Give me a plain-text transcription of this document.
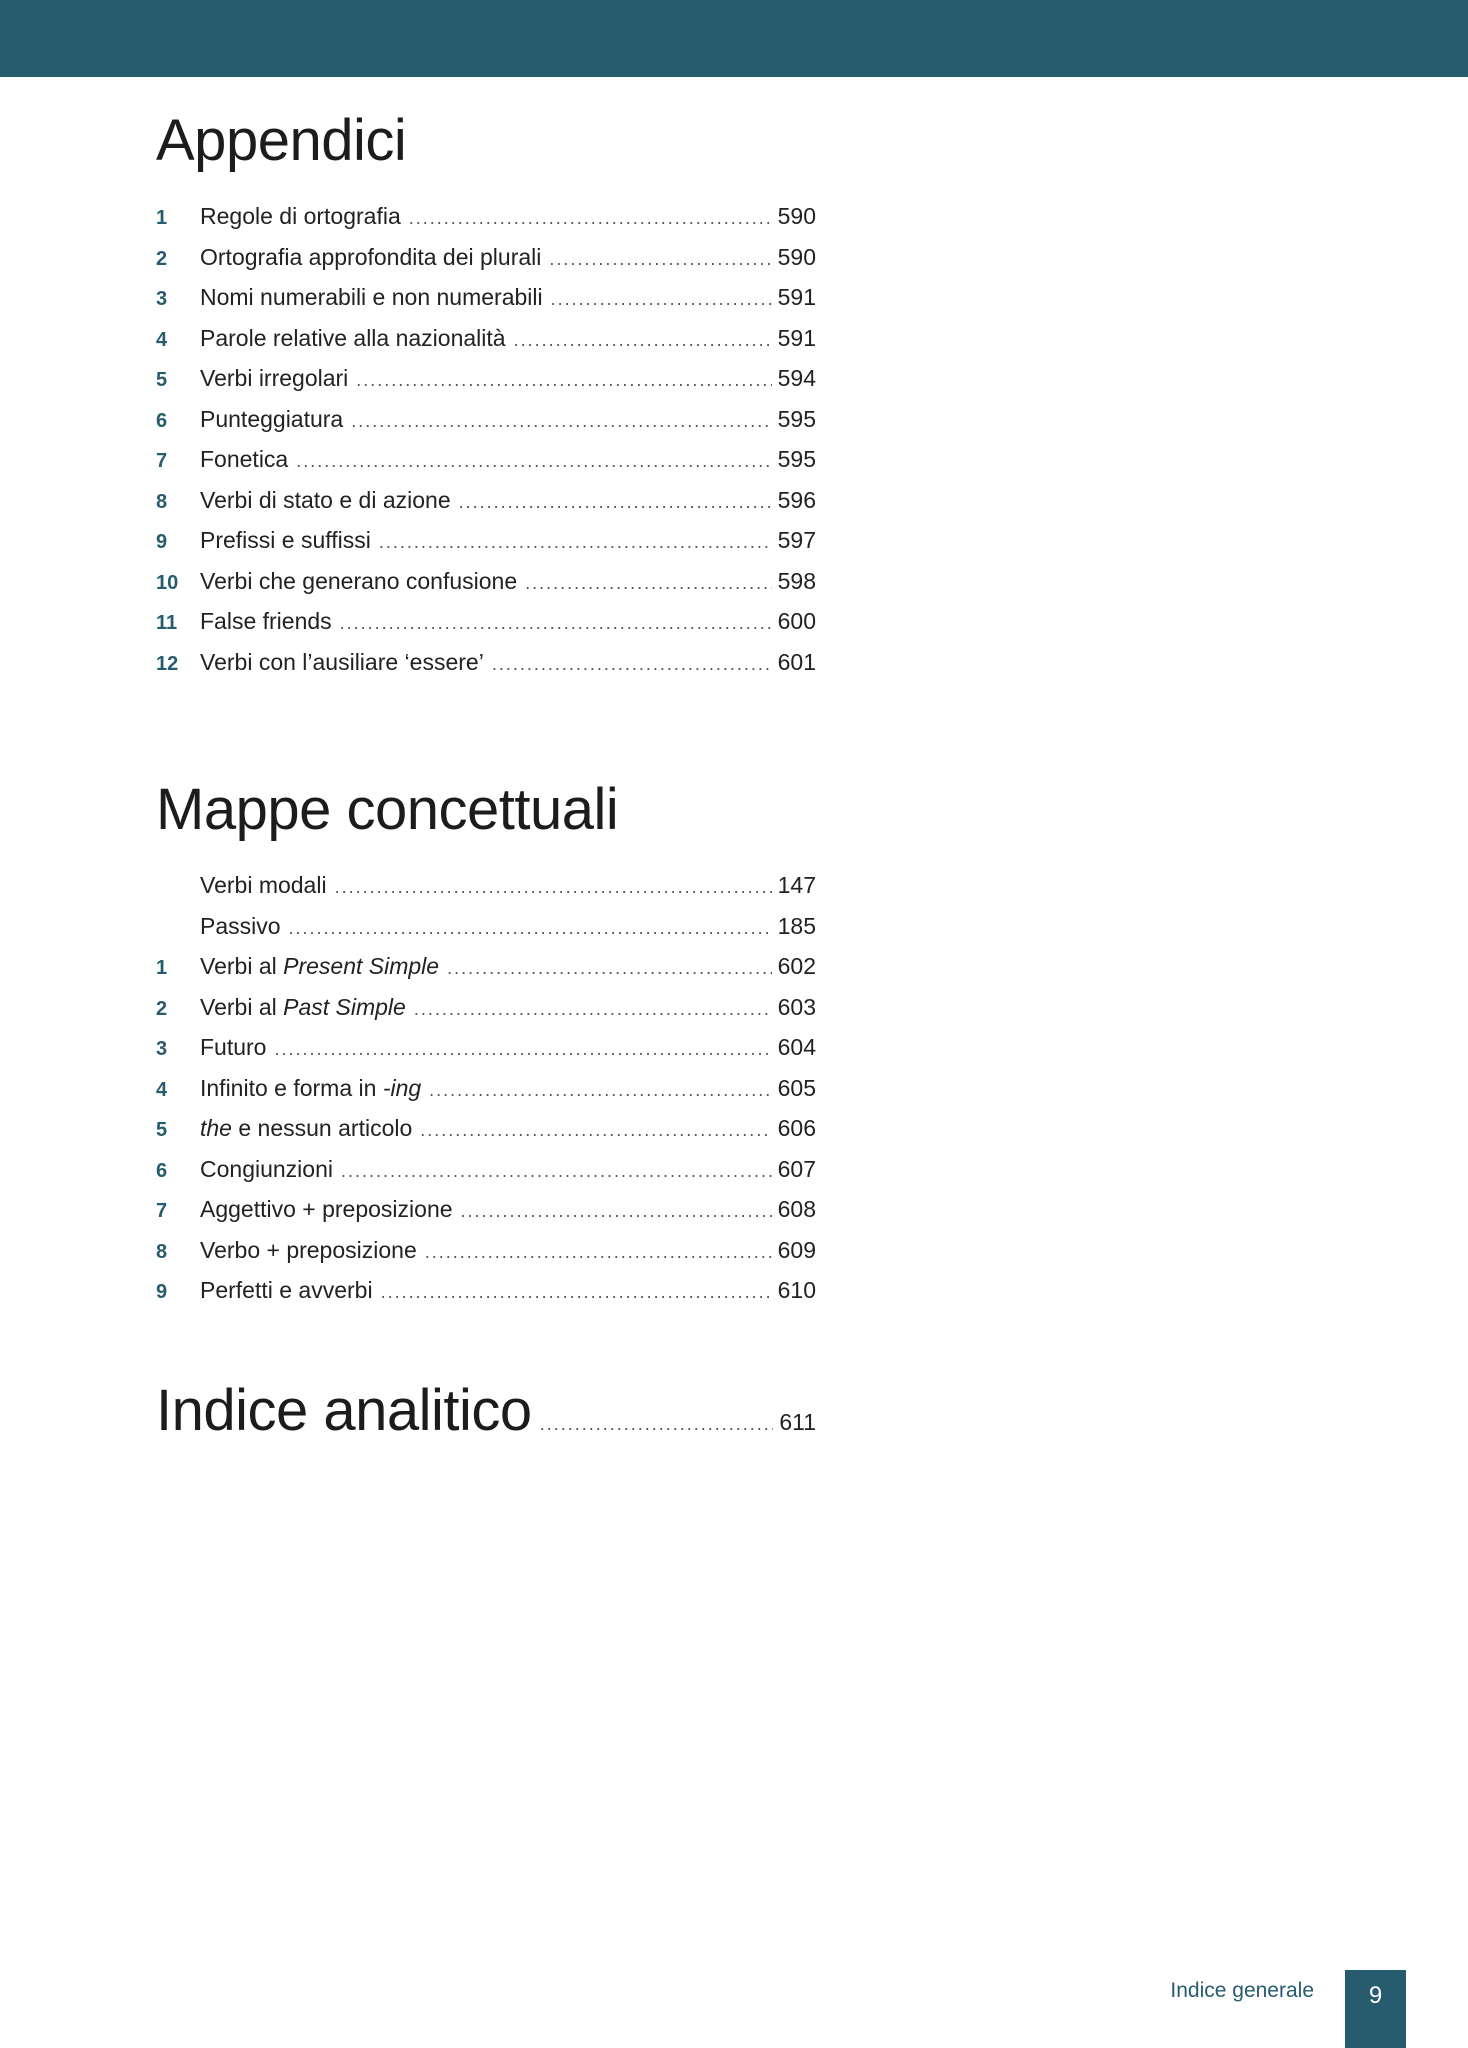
Appendici
1	Regole di ortografia .....	590
2	Ortografia approfondita dei plurali .....	590
3	Nomi numerabili e non numerabili .....	591
4	Parole relative alla nazionalità .....	591
5	Verbi irregolari .....	594
6	Punteggiatura .....	595
7	Fonetica .....	595
8	Verbi di stato e di azione .....	596
9	Prefissi e suffissi .....	597
10 Verbi che generano confusione .....	598
11 False friends .....	600
12 Verbi con l’ausiliare ‘essere’ .....	601
Mappe concettuali
Verbi modali .....	147
Passivo .....	185
1	Verbi al Present Simple .....	602
2	Verbi al Past Simple .....	603
3	Futuro .....	604
4	Infinito e forma in -ing .....	605
5	the e nessun articolo .....	606
6	Congiunzioni .....	607
7	Aggettivo + preposizione .....	608
8	Verbo + preposizione .....	609
9	Perfetti e avverbi .....	610
Indice analitico .....	611
Indice generale	9
